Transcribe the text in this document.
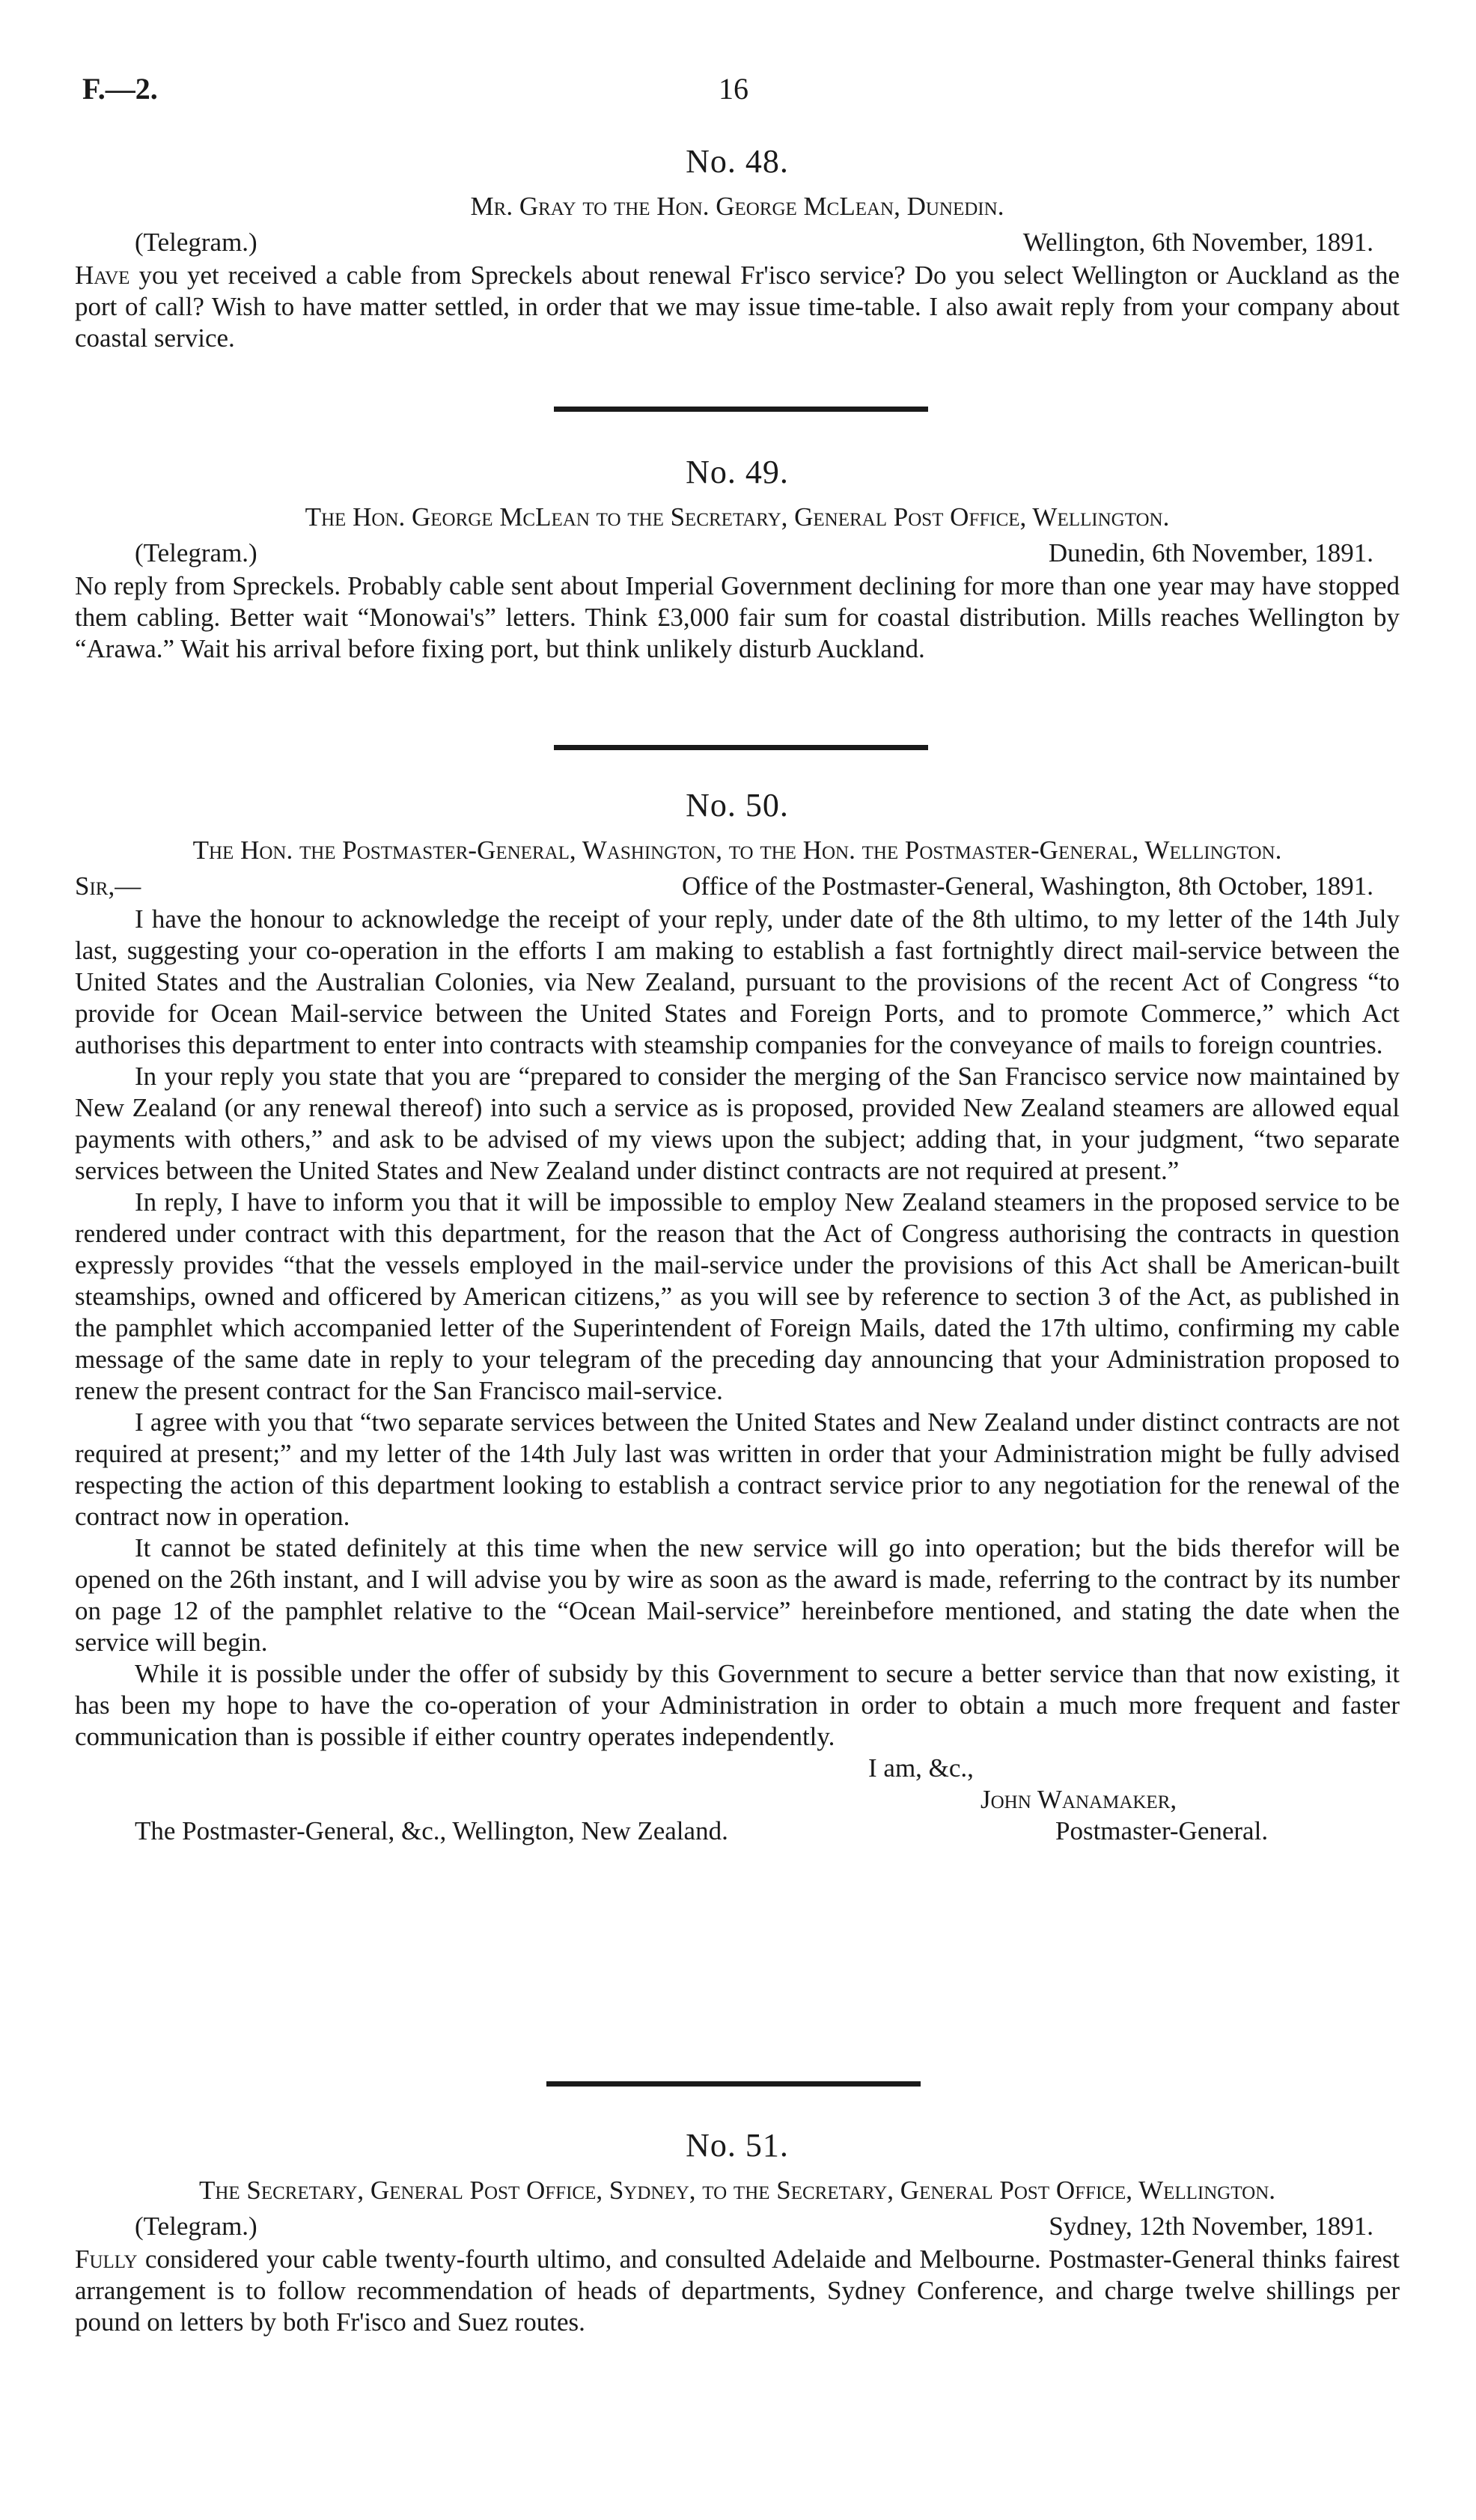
F.—2.	16
No. 48.
Mr. Gray to the Hon. George McLean, Dunedin.
(Telegram.)	Wellington, 6th November, 1891.

Have you yet received a cable from Spreckels about renewal Fr'isco service? Do you select Wellington or Auckland as the port of call? Wish to have matter settled, in order that we may issue time-table. I also await reply from your company about coastal service.

No. 49.
The Hon. George McLean to the Secretary, General Post Office, Wellington.
(Telegram.)	Dunedin, 6th November, 1891.

No reply from Spreckels. Probably cable sent about Imperial Government declining for more than one year may have stopped them cabling. Better wait “Monowai's” letters. Think £3,000 fair sum for coastal distribution. Mills reaches Wellington by “Arawa.” Wait his arrival before fixing port, but think unlikely disturb Auckland.

No. 50.
The Hon. the Postmaster-General, Washington, to the Hon. the Postmaster-General, Wellington.
Sir,—	Office of the Postmaster-General, Washington, 8th October, 1891.

I have the honour to acknowledge the receipt of your reply, under date of the 8th ultimo, to my letter of the 14th July last, suggesting your co-operation in the efforts I am making to establish a fast fortnightly direct mail-service between the United States and the Australian Colonies, via New Zealand, pursuant to the provisions of the recent Act of Congress “to provide for Ocean Mail-service between the United States and Foreign Ports, and to promote Commerce,” which Act authorises this department to enter into contracts with steamship companies for the conveyance of mails to foreign countries.

In your reply you state that you are “prepared to consider the merging of the San Francisco service now maintained by New Zealand (or any renewal thereof) into such a service as is proposed, provided New Zealand steamers are allowed equal payments with others,” and ask to be advised of my views upon the subject; adding that, in your judgment, “two separate services between the United States and New Zealand under distinct contracts are not required at present.”

In reply, I have to inform you that it will be impossible to employ New Zealand steamers in the proposed service to be rendered under contract with this department, for the reason that the Act of Congress authorising the contracts in question expressly provides “that the vessels employed in the mail-service under the provisions of this Act shall be American-built steamships, owned and officered by American citizens,” as you will see by reference to section 3 of the Act, as published in the pamphlet which accompanied letter of the Superintendent of Foreign Mails, dated the 17th ultimo, confirming my cable message of the same date in reply to your telegram of the preceding day announcing that your Administration proposed to renew the present contract for the San Francisco mail-service.

I agree with you that “two separate services between the United States and New Zealand under distinct contracts are not required at present;” and my letter of the 14th July last was written in order that your Administration might be fully advised respecting the action of this department looking to establish a contract service prior to any negotiation for the renewal of the contract now in operation.

It cannot be stated definitely at this time when the new service will go into operation; but the bids therefor will be opened on the 26th instant, and I will advise you by wire as soon as the award is made, referring to the contract by its number on page 12 of the pamphlet relative to the “Ocean Mail-service” hereinbefore mentioned, and stating the date when the service will begin.

While it is possible under the offer of subsidy by this Government to secure a better service than that now existing, it has been my hope to have the co-operation of your Administration in order to obtain a much more frequent and faster communication than is possible if either country operates independently.

I am, &c.,
John Wanamaker,
The Postmaster-General, &c., Wellington, New Zealand.	Postmaster-General.
No. 51.
The Secretary, General Post Office, Sydney, to the Secretary, General Post Office, Wellington.
(Telegram.)	Sydney, 12th November, 1891.

Fully considered your cable twenty-fourth ultimo, and consulted Adelaide and Melbourne. Postmaster-General thinks fairest arrangement is to follow recommendation of heads of departments, Sydney Conference, and charge twelve shillings per pound on letters by both Fr'isco and Suez routes.
